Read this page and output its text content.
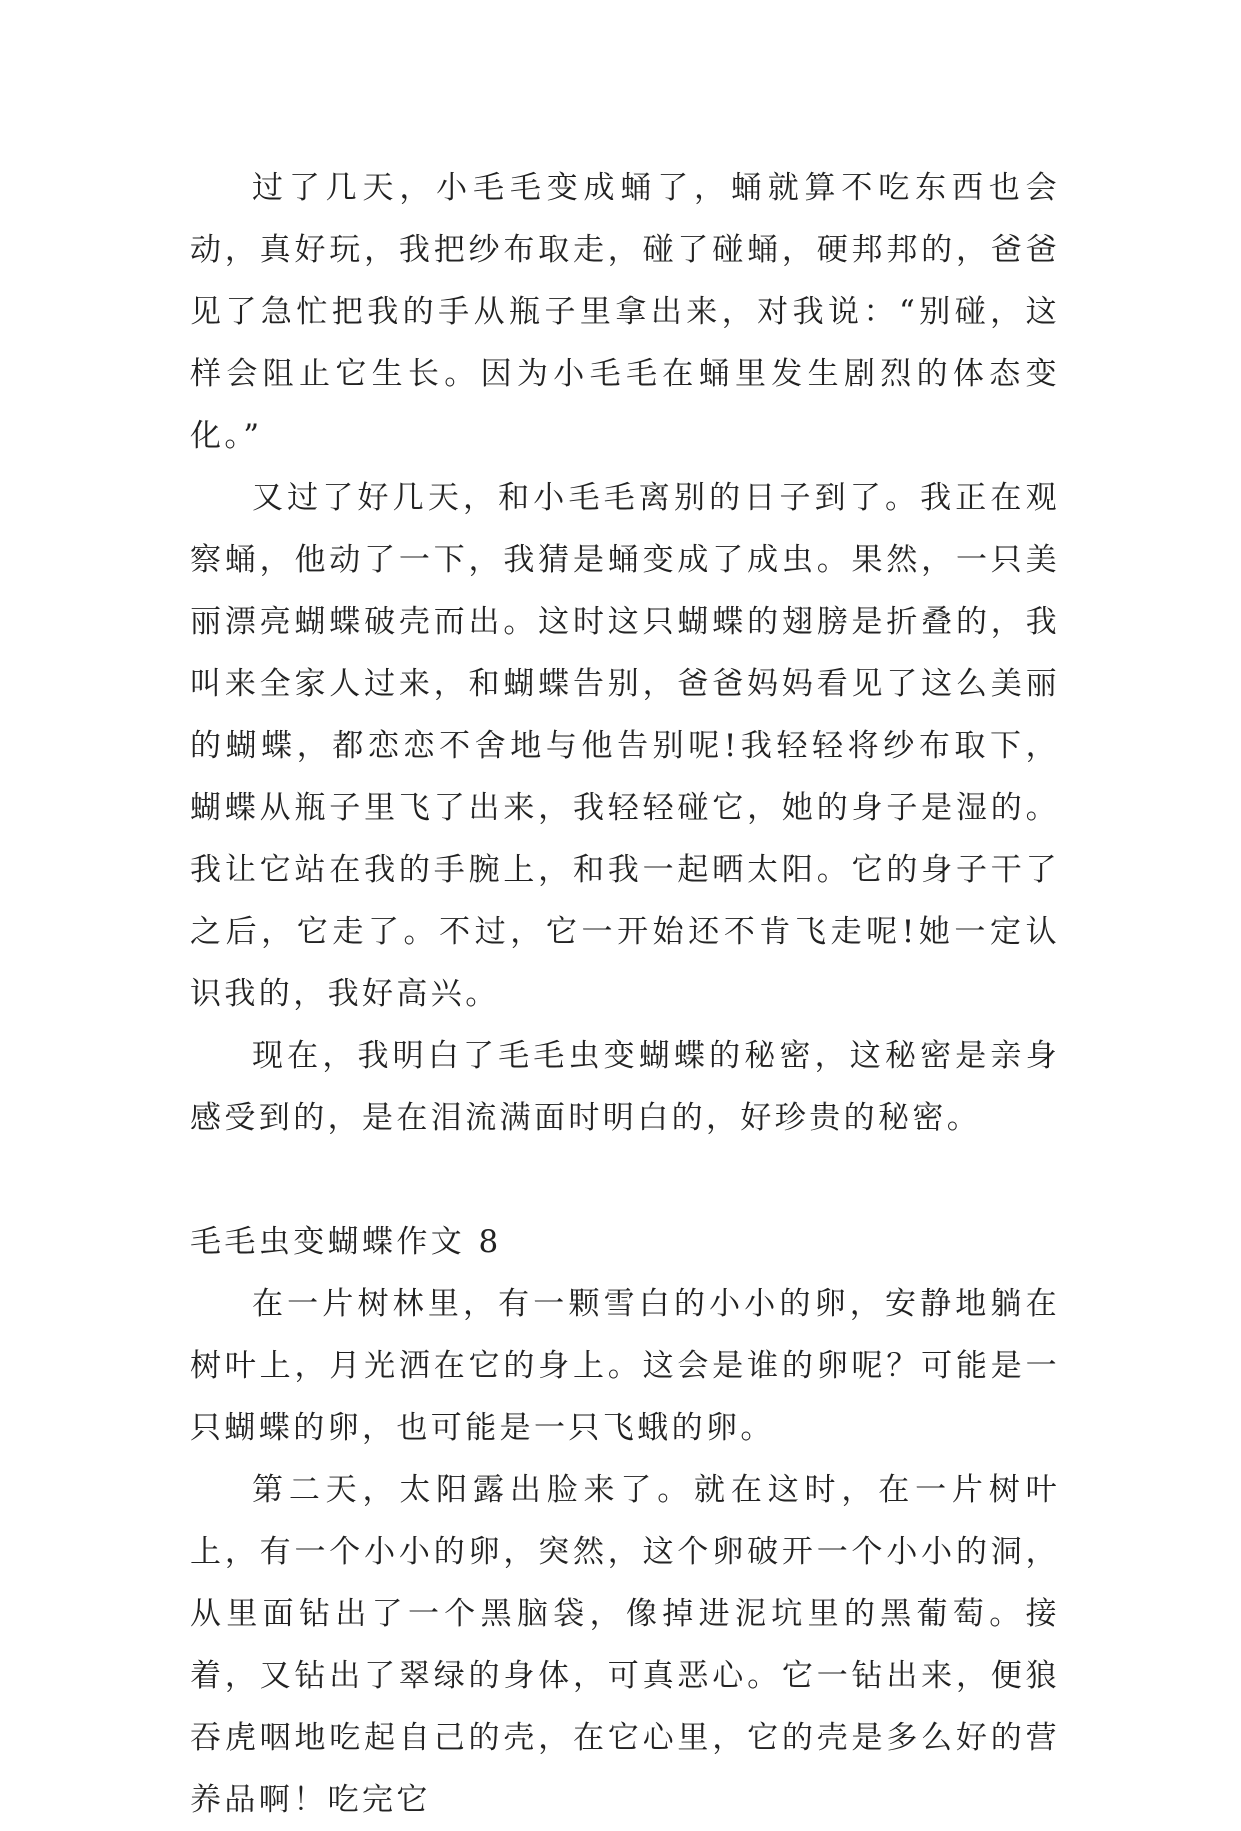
过了几天，小毛毛变成蛹了，蛹就算不吃东西也会动，真好玩，我把纱布取走，碰了碰蛹，硬邦邦的，爸爸见了急忙把我的手从瓶子里拿出来，对我说：“别碰，这样会阻止它生长。因为小毛毛在蛹里发生剧烈的体态变化。”

又过了好几天，和小毛毛离别的日子到了。我正在观察蛹，他动了一下，我猜是蛹变成了成虫。果然，一只美丽漂亮蝴蝶破壳而出。这时这只蝴蝶的翅膀是折叠的，我叫来全家人过来，和蝴蝶告别，爸爸妈妈看见了这么美丽的蝴蝶，都恋恋不舍地与他告别呢!我轻轻将纱布取下，蝴蝶从瓶子里飞了出来，我轻轻碰它，她的身子是湿的。我让它站在我的手腕上，和我一起晒太阳。它的身子干了之后，它走了。不过，它一开始还不肯飞走呢!她一定认识我的，我好高兴。

现在，我明白了毛毛虫变蝴蝶的秘密，这秘密是亲身感受到的，是在泪流满面时明白的，好珍贵的秘密。

毛毛虫变蝴蝶作文 8

在一片树林里，有一颗雪白的小小的卵，安静地躺在树叶上，月光洒在它的身上。这会是谁的卵呢？可能是一只蝴蝶的卵，也可能是一只飞蛾的卵。

第二天，太阳露出脸来了。就在这时，在一片树叶上，有一个小小的卵，突然，这个卵破开一个小小的洞，从里面钻出了一个黑脑袋，像掉进泥坑里的黑葡萄。接着，又钻出了翠绿的身体，可真恶心。它一钻出来，便狼吞虎咽地吃起自己的壳，在它心里，它的壳是多么好的营养品啊！吃完它
